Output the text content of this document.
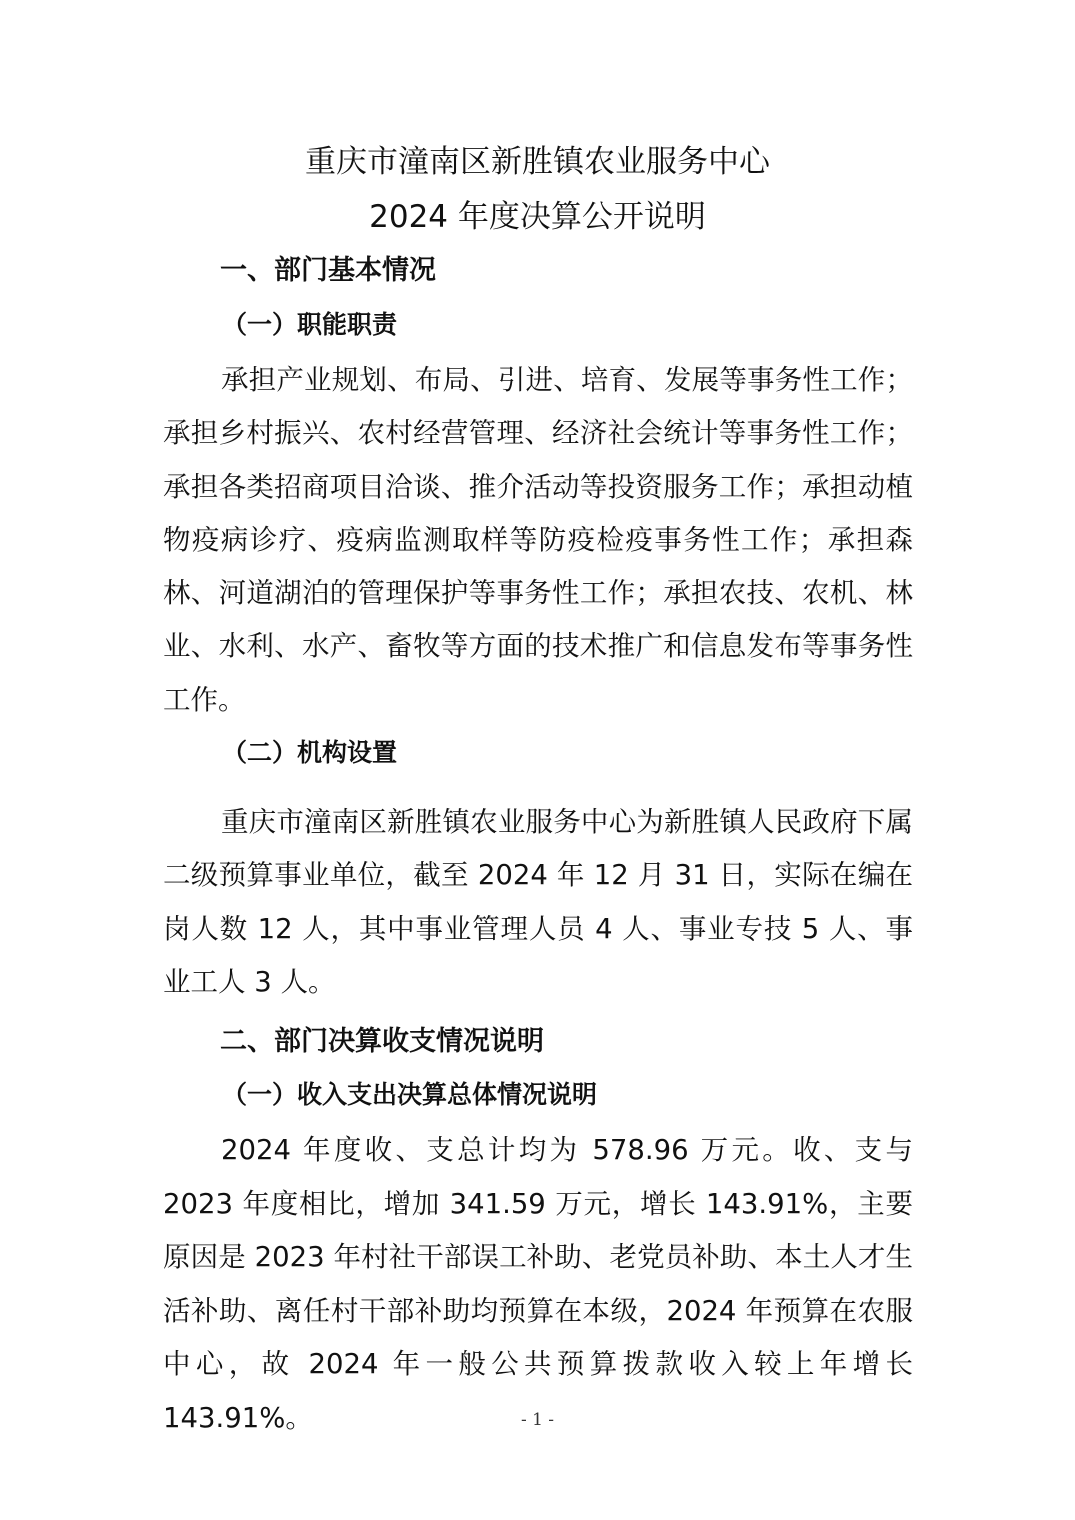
重庆市潼南区新胜镇农业服务中心
2024 年度决算公开说明
一、部门基本情况
（一）职能职责

承担产业规划、布局、引进、培育、发展等事务性工作；承担乡村振兴、农村经营管理、经济社会统计等事务性工作；承担各类招商项目洽谈、推介活动等投资服务工作；承担动植物疫病诊疗、疫病监测取样等防疫检疫事务性工作；承担森林、河道湖泊的管理保护等事务性工作；承担农技、农机、林业、水利、水产、畜牧等方面的技术推广和信息发布等事务性工作。

（二）机构设置

重庆市潼南区新胜镇农业服务中心为新胜镇人民政府下属二级预算事业单位，截至 2024 年 12 月 31 日，实际在编在岗人数 12 人，其中事业管理人员 4 人、事业专技 5 人、事业工人 3 人。

二、部门决算收支情况说明
（一）收入支出决算总体情况说明

2024 年度收、支总计均为 578.96 万元。收、支与 2023 年度相比，增加 341.59 万元，增长 143.91%，主要原因是 2023 年村社干部误工补助、老党员补助、本土人才生活补助、离任村干部补助均预算在本级，2024 年预算在农服中心，故 2024 年一般公共预算拨款收入较上年增长 143.91%。	- 1 -
